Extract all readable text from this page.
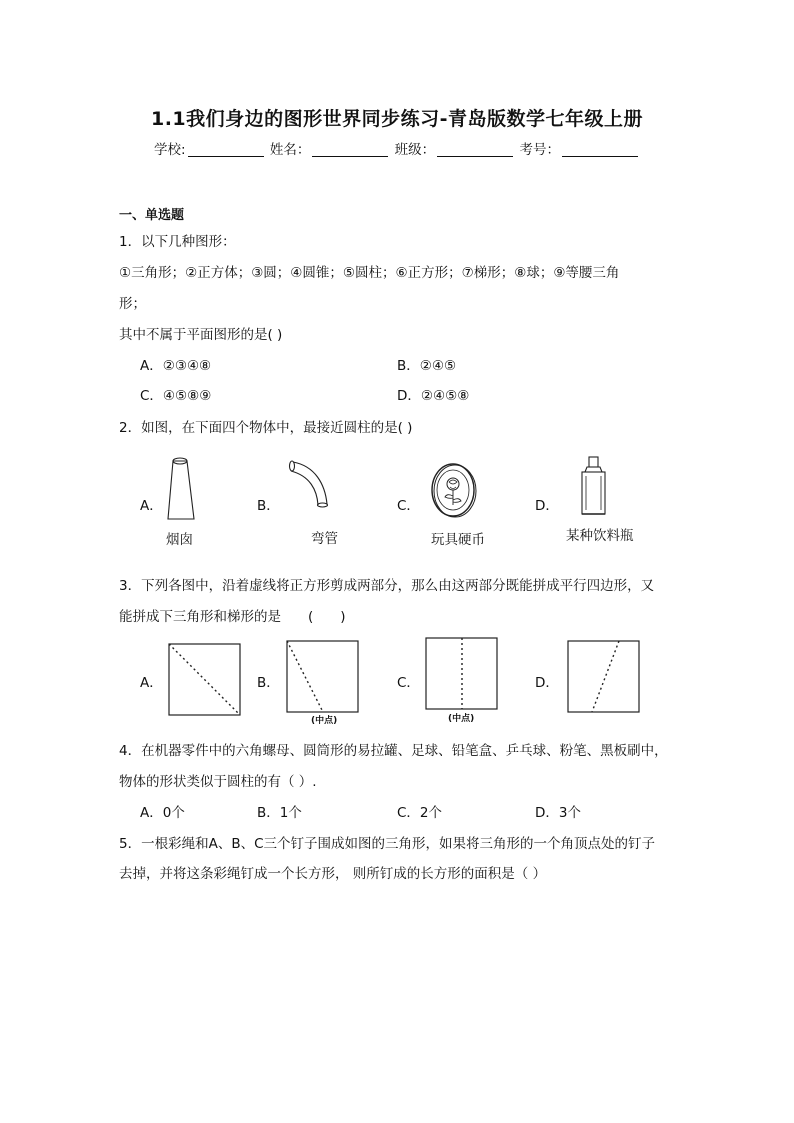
1.1我们身边的图形世界同步练习-青岛版数学七年级上册
学校:	姓名：	班级：	考号：
一、单选题
1．以下几种图形：
①三角形；②正方体；③圆；④圆锥；⑤圆柱；⑥正方形；⑦梯形；⑧球；⑨等腰三角
形；
其中不属于平面图形的是( )
A．②③④⑧	B．②④⑤
C．④⑤⑧⑨	D．②④⑤⑧
2．如图，在下面四个物体中，最接近圆柱的是( )
A．	B．	C．	D．
烟囱	弯管	玩具硬币	某种饮料瓶
3．下列各图中，沿着虚线将正方形剪成两部分，那么由这两部分既能拼成平行四边形，又
能拼成下三角形和梯形的是　　(　　)
A．	B．	C．	D．
(中点)	(中点)
4．在机器零件中的六角螺母、圆筒形的易拉罐、足球、铅笔盒、乒乓球、粉笔、黑板刷中，
物体的形状类似于圆柱的有（ ）.
A．0个	B．1个	C．2个	D．3个
5．一根彩绳和A、B、C三个钉子围成如图的三角形，如果将三角形的一个角顶点处的钉子
去掉，并将这条彩绳钉成一个长方形， 则所钉成的长方形的面积是（ ）
